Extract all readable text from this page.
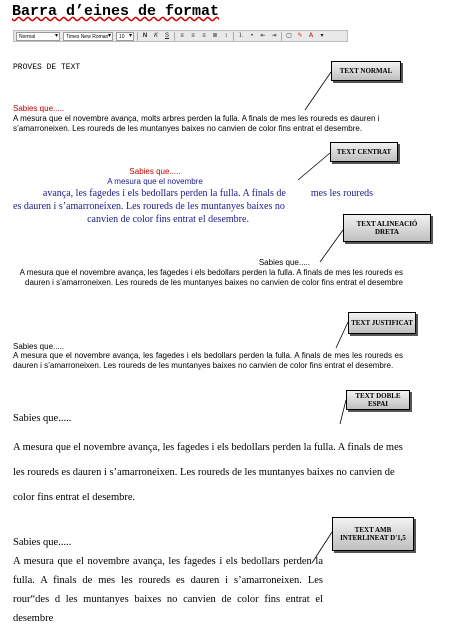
Barra d’eines de format
Normal ▾	Times New Roman ▾	10 ▾	N	K	S	≡	≡	≡	≣	↕	⒈	•	⇤ ⇥ ▢ ✎	A	▾
PROVES DE TEXT	TEXT NORMAL
TEXT CENTRAT
TEXT ALINEACIÓ DRETA
TEXT JUSTIFICAT
TEXT DOBLE ESPAI
TEXT AMB INTERLINEAT D'1,5
Sabies que.....
A mesura que el novembre avança, molts arbres perden la fulla. A finals de mes les roureds es dauren i s’amarroneixen. Les roureds de les muntanyes baixes no canvien de color fins entrat el desembre.
Sabies que.....
A mesura que el novembre
avança, les fagedes i els bedollars perden la fulla. A finals de          mes les roureds
es dauren i s’amarroneixen. Les roureds de les muntanyes baixes no
canvien de color fins entrat el desembre.
Sabies que.....
A mesura que el novembre avança, les fagedes i els bedollars perden la fulla. A finals de mes les roureds es dauren i s’amarroneixen. Les roureds de les muntanyes baixes no canvien de color fins entrat el desembre
Sabies que.....
A mesura que el novembre avança, les fagedes i els bedollars perden la fulla. A finals de mes les roureds es dauren i s’amarroneixen. Les roureds de les muntanyes baixes no canvien de color fins entrat el desembre.
Sabies que.....
A mesura que el novembre avança, les fagedes i els bedollars perden la fulla. A finals de mes les roureds es dauren i s’amarroneixen. Les roureds de les muntanyes baixes no canvien de color fins entrat el desembre.
Sabies que.....
A mesura que el novembre avança, les fagedes i els bedollars perden la fulla. A finals de mes les roureds es dauren i s’amarroneixen. Les rour“des d les muntanyes baixes no canvien de color fins entrat el desembre
